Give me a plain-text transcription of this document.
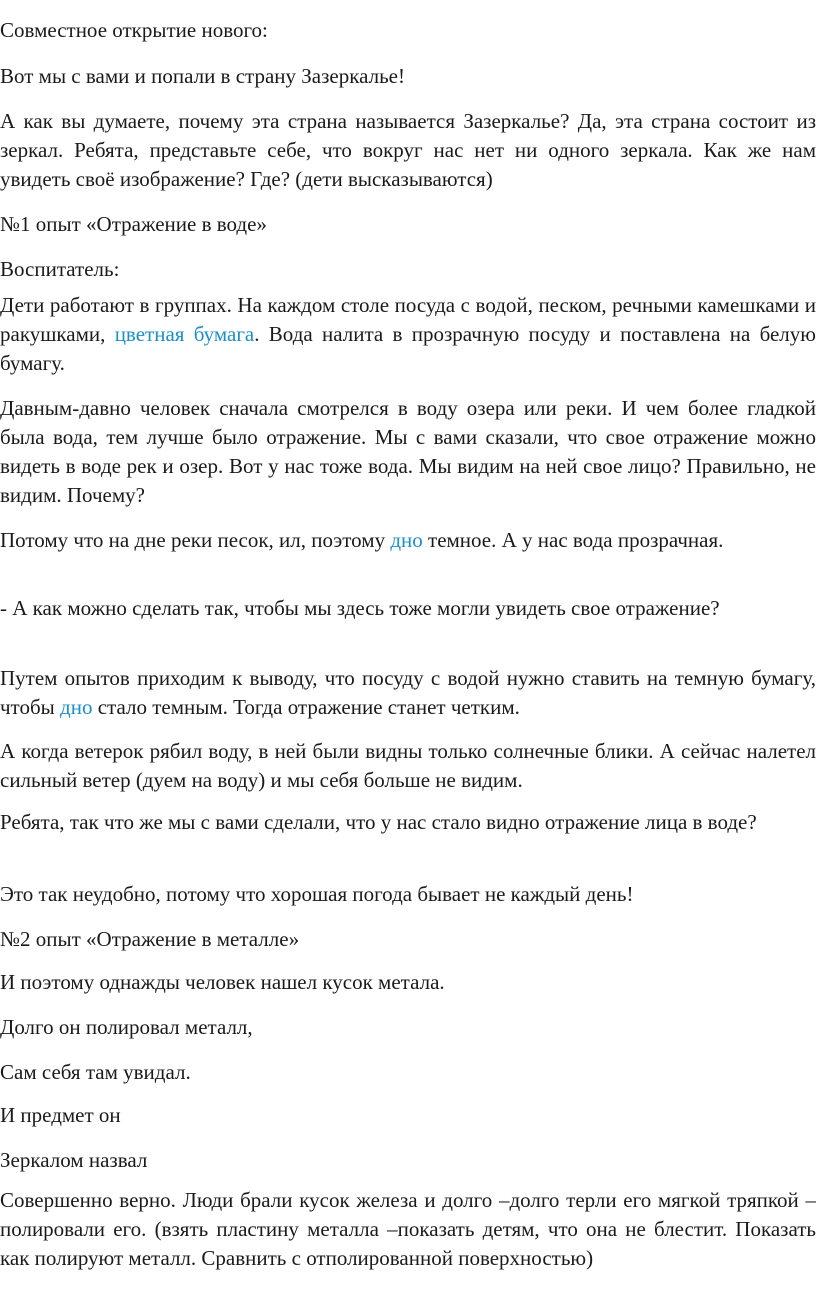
Совместное открытие нового:

Вот мы с вами и попали в страну Зазеркалье!

А как вы думаете, почему эта страна называется Зазеркалье? Да, эта страна состоит из зеркал. Ребята, представьте себе, что вокруг нас нет ни одного зеркала. Как же нам увидеть своё изображение? Где? (дети высказываются)

№1 опыт «Отражение в воде»

Воспитатель:

Дети работают в группах. На каждом столе посуда с водой, песком, речными камешками и ракушками, цветная бумага. Вода налита в прозрачную посуду и поставлена на белую бумагу.

Давным-давно человек сначала смотрелся в воду озера или реки. И чем более гладкой была вода, тем лучше было отражение. Мы с вами сказали, что свое отражение можно видеть в воде рек и озер. Вот у нас тоже вода. Мы видим на ней свое лицо? Правильно, не видим. Почему?

Потому что на дне реки песок, ил, поэтому дно темное. А у нас вода прозрачная.

- А как можно сделать так, чтобы мы здесь тоже могли увидеть свое отражение?

Путем опытов приходим к выводу, что посуду с водой нужно ставить на темную бумагу, чтобы дно стало темным. Тогда отражение станет четким.

А когда ветерок рябил воду, в ней были видны только солнечные блики. А сейчас налетел сильный ветер (дуем на воду) и мы себя больше не видим.

Ребята, так что же мы с вами сделали, что у нас стало видно отражение лица в воде?

Это так неудобно, потому что хорошая погода бывает не каждый день!

№2 опыт «Отражение в металле»

И поэтому однажды человек нашел кусок метала.

Долго он полировал металл,

Сам себя там увидал.

И предмет он

Зеркалом назвал

Совершенно верно. Люди брали кусок железа и долго –долго терли его мягкой тряпкой –полировали его. (взять пластину металла –показать детям, что она не блестит. Показать как полируют металл. Сравнить с отполированной поверхностью)
